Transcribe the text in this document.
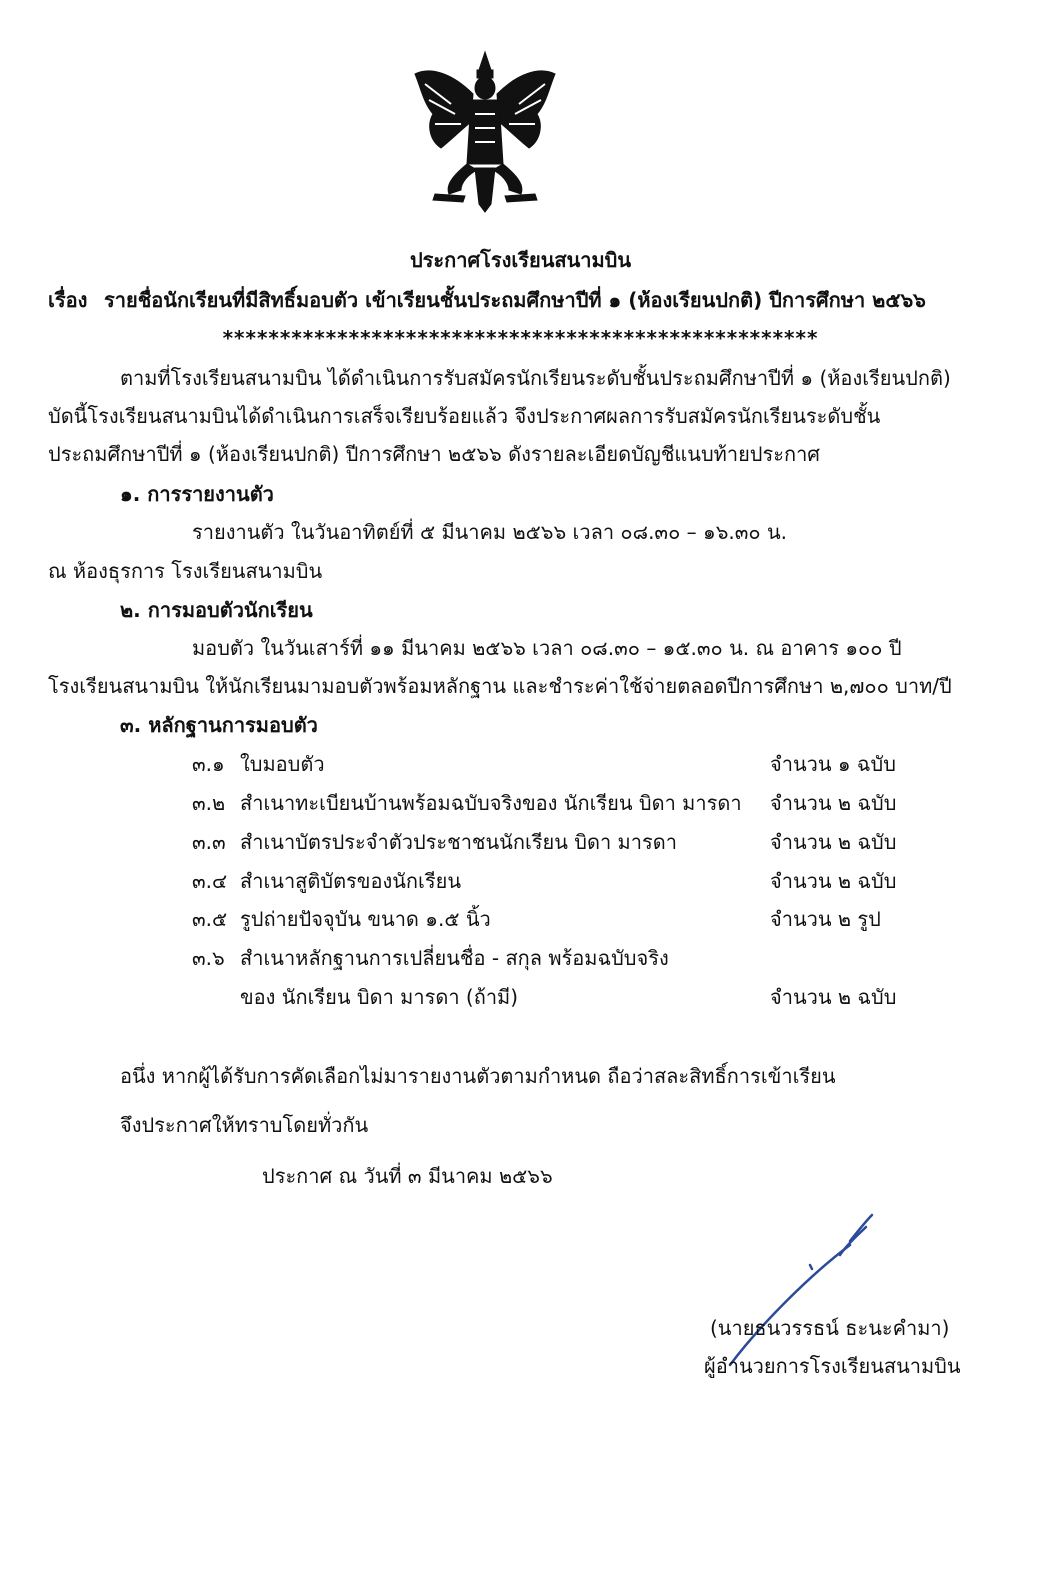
ประกาศโรงเรียนสนามบิน
เรื่อง รายชื่อนักเรียนที่มีสิทธิ์มอบตัว เข้าเรียนชั้นประถมศึกษาปีที่ ๑ (ห้องเรียนปกติ) ปีการศึกษา ๒๕๖๖
****************************************************
ตามที่โรงเรียนสนามบิน ได้ดำเนินการรับสมัครนักเรียนระดับชั้นประถมศึกษาปีที่ ๑ (ห้องเรียนปกติ)
บัดนี้โรงเรียนสนามบินได้ดำเนินการเสร็จเรียบร้อยแล้ว จึงประกาศผลการรับสมัครนักเรียนระดับชั้น
ประถมศึกษาปีที่ ๑ (ห้องเรียนปกติ) ปีการศึกษา ๒๕๖๖ ดังรายละเอียดบัญชีแนบท้ายประกาศ
๑. การรายงานตัว
รายงานตัว ในวันอาทิตย์ที่ ๕ มีนาคม ๒๕๖๖ เวลา ๐๘.๓๐ – ๑๖.๓๐ น.
ณ ห้องธุรการ โรงเรียนสนามบิน
๒. การมอบตัวนักเรียน
มอบตัว ในวันเสาร์ที่ ๑๑ มีนาคม ๒๕๖๖ เวลา ๐๘.๓๐ – ๑๕.๓๐ น. ณ อาคาร ๑๐๐ ปี
โรงเรียนสนามบิน ให้นักเรียนมามอบตัวพร้อมหลักฐาน และชำระค่าใช้จ่ายตลอดปีการศึกษา ๒,๗๐๐ บาท/ปี
๓. หลักฐานการมอบตัว
๓.๑ ใบมอบตัว	จำนวน ๑ ฉบับ
๓.๒ สำเนาทะเบียนบ้านพร้อมฉบับจริงของ นักเรียน บิดา มารดา จำนวน ๒ ฉบับ
๓.๓ สำเนาบัตรประจำตัวประชาชนนักเรียน บิดา มารดา	จำนวน ๒ ฉบับ
๓.๔ สำเนาสูติบัตรของนักเรียน	จำนวน ๒ ฉบับ
๓.๕ รูปถ่ายปัจจุบัน ขนาด ๑.๕ นิ้ว	จำนวน ๒ รูป
๓.๖ สำเนาหลักฐานการเปลี่ยนชื่อ - สกุล พร้อมฉบับจริง
ของ นักเรียน บิดา มารดา (ถ้ามี)	จำนวน ๒ ฉบับ
อนึ่ง หากผู้ได้รับการคัดเลือกไม่มารายงานตัวตามกำหนด ถือว่าสละสิทธิ์การเข้าเรียน
จึงประกาศให้ทราบโดยทั่วกัน
ประกาศ ณ วันที่ ๓ มีนาคม ๒๕๖๖
(นายธนวรรธน์ ธะนะคำมา)
ผู้อำนวยการโรงเรียนสนามบิน
